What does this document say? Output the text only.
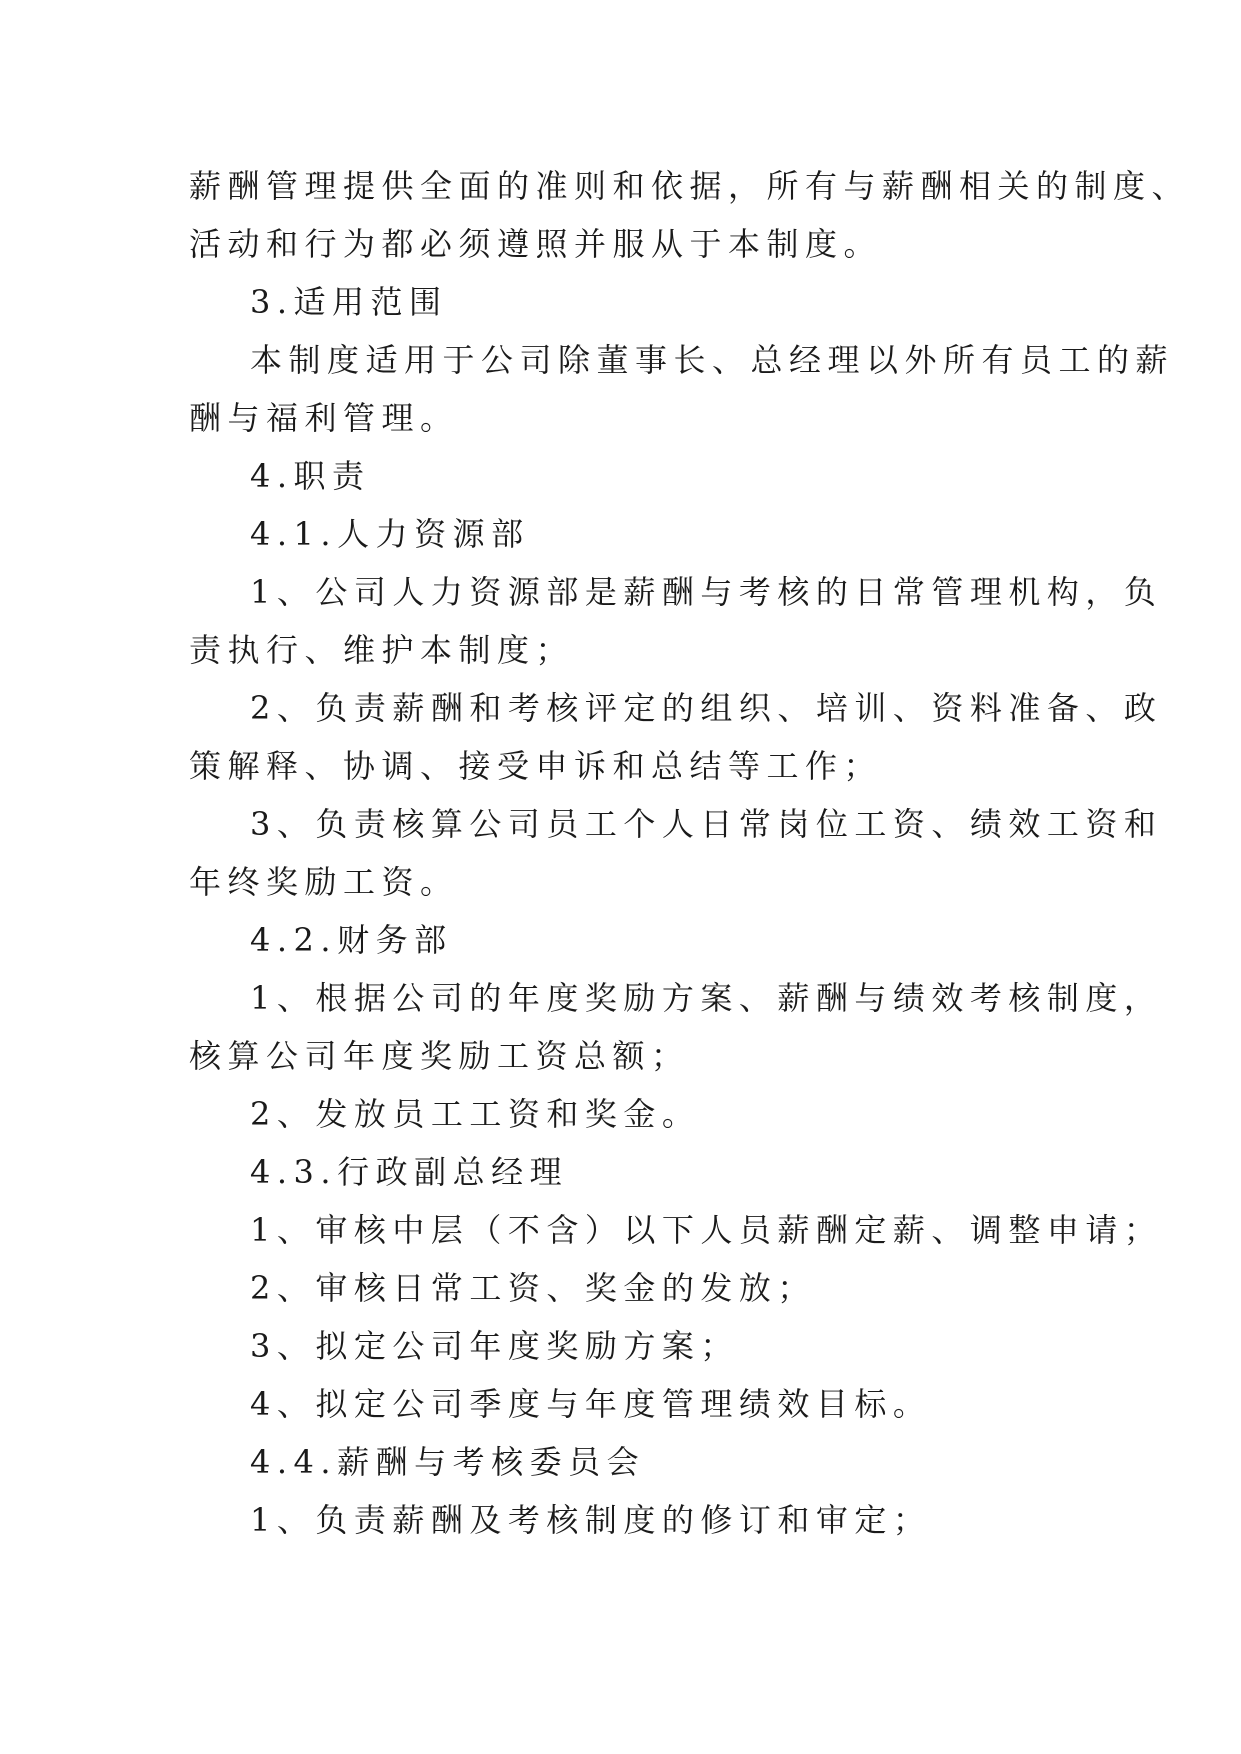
薪酬管理提供全面的准则和依据，所有与薪酬相关的制度、
活动和行为都必须遵照并服从于本制度。
3.适用范围
本制度适用于公司除董事长、总经理以外所有员工的薪
酬与福利管理。
4.职责
4.1.人力资源部
1、公司人力资源部是薪酬与考核的日常管理机构，负
责执行、维护本制度；
2、负责薪酬和考核评定的组织、培训、资料准备、政
策解释、协调、接受申诉和总结等工作；
3、负责核算公司员工个人日常岗位工资、绩效工资和
年终奖励工资。
4.2.财务部
1、根据公司的年度奖励方案、薪酬与绩效考核制度，
核算公司年度奖励工资总额；
2、发放员工工资和奖金。
4.3.行政副总经理
1、审核中层（不含）以下人员薪酬定薪、调整申请；
2、审核日常工资、奖金的发放；
3、拟定公司年度奖励方案；
4、拟定公司季度与年度管理绩效目标。
4.4.薪酬与考核委员会
1、负责薪酬及考核制度的修订和审定；
